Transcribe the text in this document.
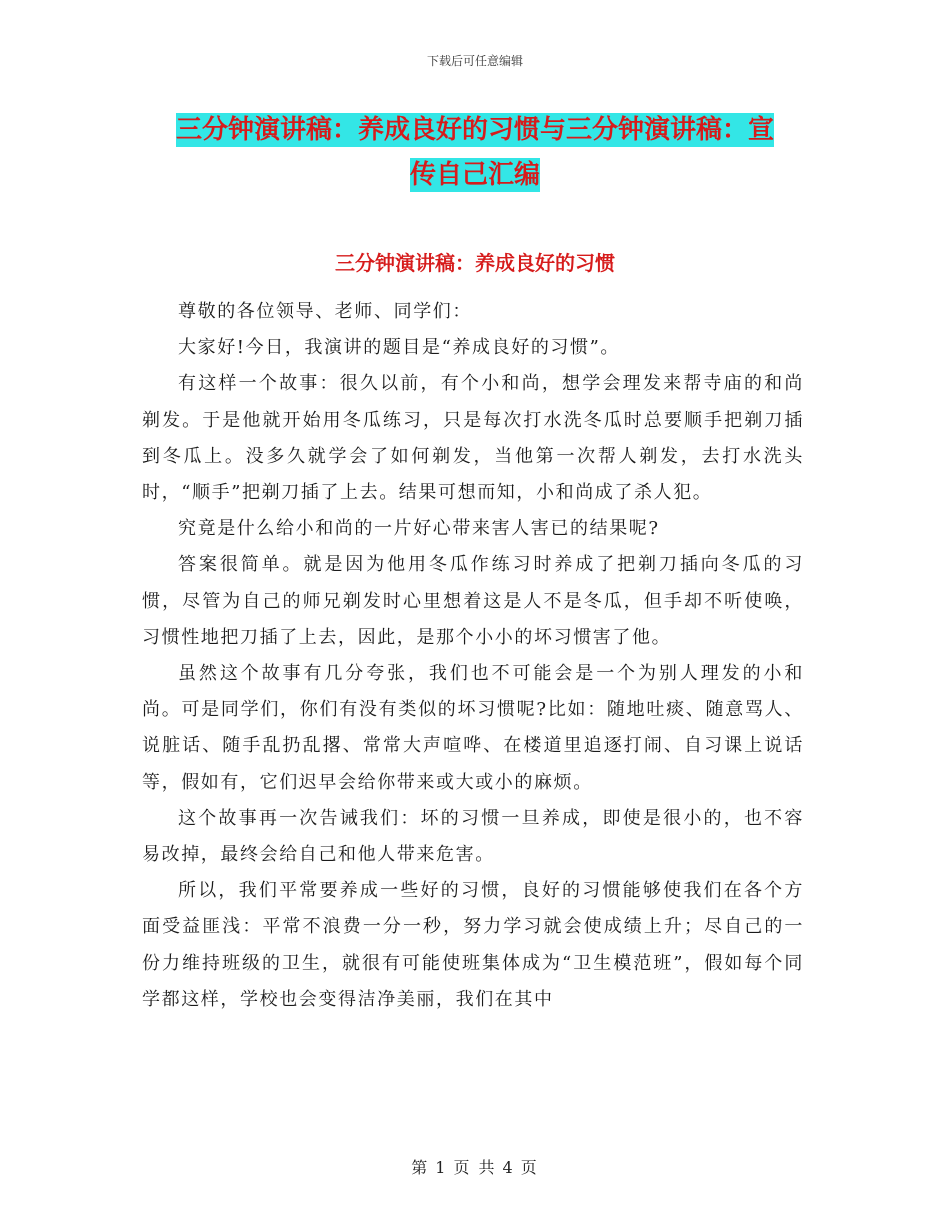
下载后可任意编辑
三分钟演讲稿：养成良好的习惯与三分钟演讲稿：宣
传自己汇编
三分钟演讲稿：养成良好的习惯

尊敬的各位领导、老师、同学们：

大家好!今日，我演讲的题目是“养成良好的习惯”。

有这样一个故事：很久以前，有个小和尚，想学会理发来帮寺庙的和尚剃发。于是他就开始用冬瓜练习，只是每次打水洗冬瓜时总要顺手把剃刀插到冬瓜上。没多久就学会了如何剃发，当他第一次帮人剃发，去打水洗头时，“顺手”把剃刀插了上去。结果可想而知，小和尚成了杀人犯。

究竟是什么给小和尚的一片好心带来害人害已的结果呢?

答案很简单。就是因为他用冬瓜作练习时养成了把剃刀插向冬瓜的习惯，尽管为自己的师兄剃发时心里想着这是人不是冬瓜，但手却不听使唤，习惯性地把刀插了上去，因此，是那个小小的坏习惯害了他。

虽然这个故事有几分夸张，我们也不可能会是一个为别人理发的小和尚。可是同学们，你们有没有类似的坏习惯呢?比如：随地吐痰、随意骂人、说脏话、随手乱扔乱撂、常常大声喧哗、在楼道里追逐打闹、自习课上说话等，假如有，它们迟早会给你带来或大或小的麻烦。

这个故事再一次告诫我们：坏的习惯一旦养成，即使是很小的，也不容易改掉，最终会给自己和他人带来危害。

所以，我们平常要养成一些好的习惯，良好的习惯能够使我们在各个方面受益匪浅：平常不浪费一分一秒，努力学习就会使成绩上升；尽自己的一份力维持班级的卫生，就很有可能使班集体成为“卫生模范班”，假如每个同学都这样，学校也会变得洁净美丽，我们在其中

第 1 页 共 4 页
